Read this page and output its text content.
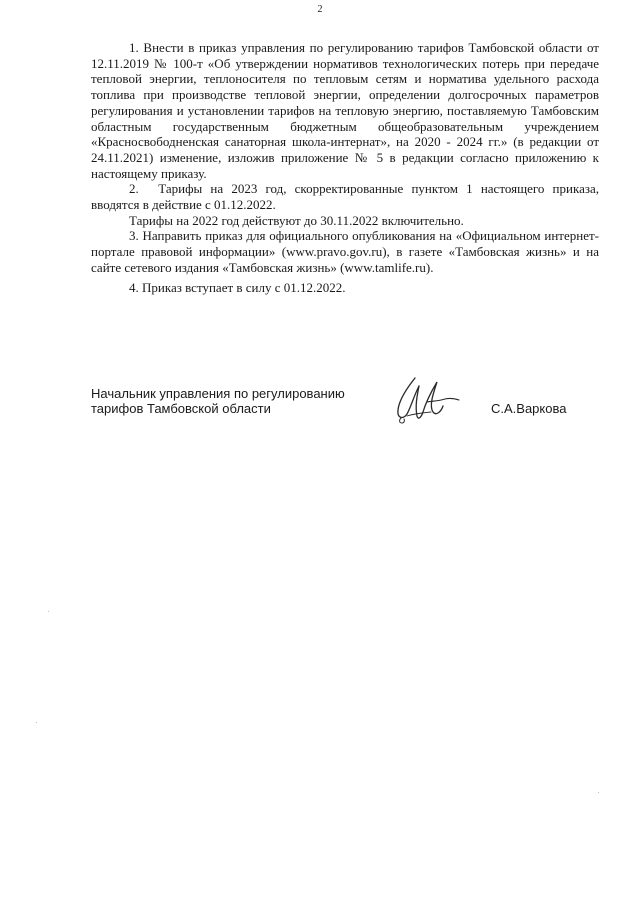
2

1. Внести в приказ управления по регулированию тарифов Тамбовской области от 12.11.2019 № 100-т «Об утверждении нормативов технологических потерь при передаче тепловой энергии, теплоносителя по тепловым сетям и норматива удельного расхода топлива при производстве тепловой энергии, определении долгосрочных параметров регулирования и установлении тарифов на тепловую энергию, поставляемую Тамбовским областным государственным бюджетным общеобразовательным учреждением «Красносвободненская санаторная школа-интернат», на 2020 - 2024 гг.» (в редакции от 24.11.2021) изменение, изложив приложение № 5 в редакции согласно приложению к настоящему приказу.

2.  Тарифы на 2023 год, скорректированные пунктом 1 настоящего приказа, вводятся в действие с 01.12.2022.

Тарифы на 2022 год действуют до 30.11.2022 включительно.

3. Направить приказ для официального опубликования на «Официальном интернет-портале правовой информации» (www.pravo.gov.ru), в газете «Тамбовская жизнь» и на сайте сетевого издания «Тамбовская жизнь» (www.tamlife.ru).

4. Приказ вступает в силу с 01.12.2022.

Начальник управления по регулированию
тарифов Тамбовской области	С.А.Варкова
